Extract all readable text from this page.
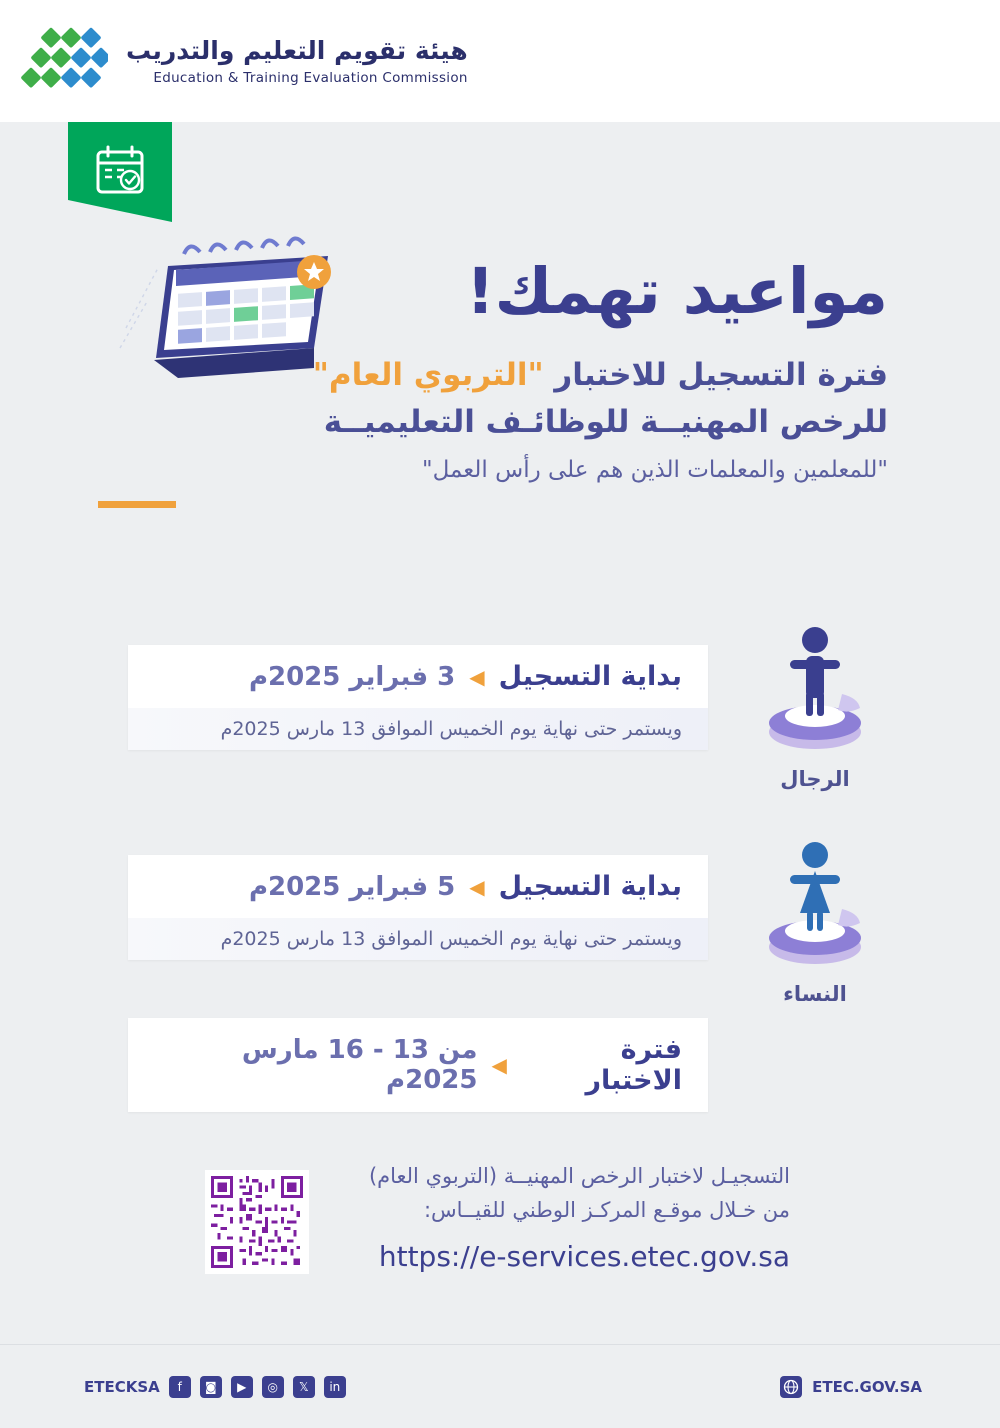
هيئة تقويم التعليم والتدريب
Education & Training Evaluation Commission
مواعيد تهمك!
فترة التسجيل للاختبار "التربوي العام"
للرخص المهنيــة للوظائـف التعليميــة
"للمعلمين والمعلمات الذين هم على رأس العمل"
بداية التسجيل
◀
3 فبراير 2025م
ويستمر حتى نهاية يوم الخميس الموافق 13 مارس 2025م
الرجال
بداية التسجيل
◀
5 فبراير 2025م
ويستمر حتى نهاية يوم الخميس الموافق 13 مارس 2025م
النساء
فترة الاختبار
◀
من 13 - 16 مارس 2025م
التسجيـل لاختبار الرخص المهنيــة (التربوي العام)
من خـلال موقـع المركـز الوطني للقيــاس:
https://e-services.etec.gov.sa
in
𝕏
◎
▶
◙
f
ETECKSA	ETEC.GOV.SA
